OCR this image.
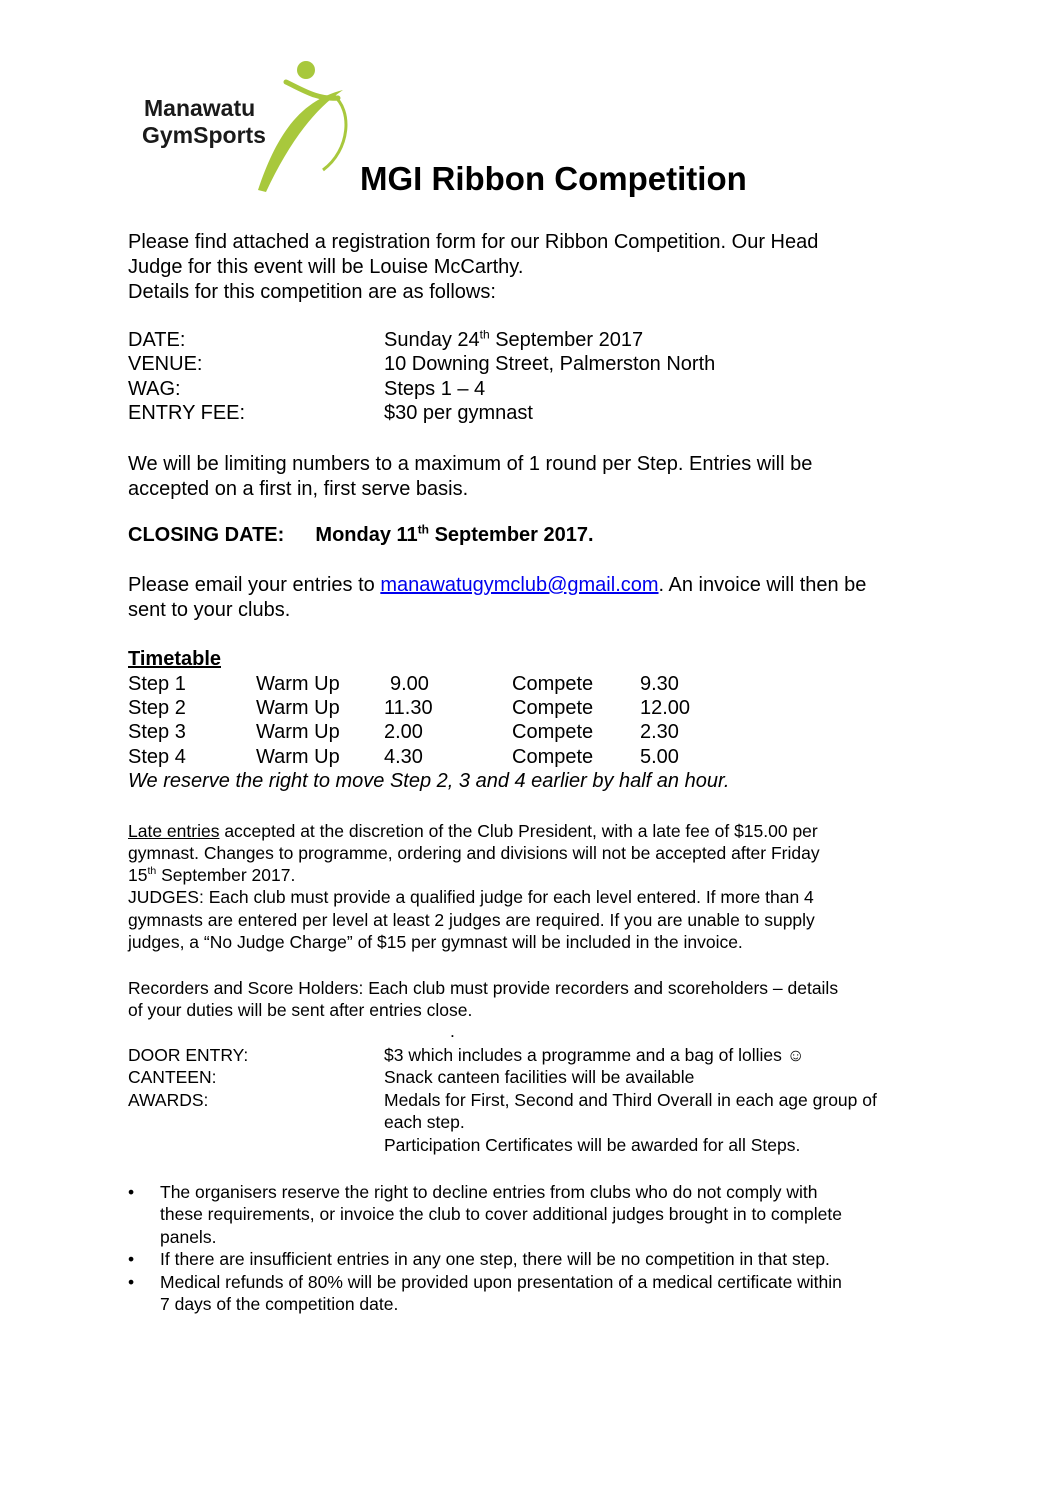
Manawatu
GymSports
MGI Ribbon Competition
Please find attached a registration form for our Ribbon Competition. Our Head
Judge for this event will be Louise McCarthy.
Details for this competition are as follows:
DATE:	Sunday 24th September 2017
VENUE:	10 Downing Street, Palmerston North
WAG:	Steps 1 – 4
ENTRY FEE:	$30 per gymnast
We will be limiting numbers to a maximum of 1 round per Step. Entries will be
accepted on a first in, first serve basis.
CLOSING DATE: Monday 11th September 2017.
Please email your entries to manawatugymclub@gmail.com. An invoice will then be
sent to your clubs.
Timetable
Step 1	Warm Up	9.00	Compete 9.30
Step 2	Warm Up 11.30	Compete 12.00
Step 3	Warm Up 2.00	Compete 2.30
Step 4	Warm Up 4.30	Compete 5.00
We reserve the right to move Step 2, 3 and 4 earlier by half an hour.
Late entries accepted at the discretion of the Club President, with a late fee of $15.00 per
gymnast. Changes to programme, ordering and divisions will not be accepted after Friday
15th September 2017.
JUDGES: Each club must provide a qualified judge for each level entered. If more than 4
gymnasts are entered per level at least 2 judges are required. If you are unable to supply
judges, a “No Judge Charge” of $15 per gymnast will be included in the invoice.
Recorders and Score Holders: Each club must provide recorders and scoreholders – details
of your duties will be sent after entries close.
.
DOOR ENTRY:	$3 which includes a programme and a bag of lollies ☺
CANTEEN:	Snack canteen facilities will be available
AWARDS:	Medals for First, Second and Third Overall in each age group of
each step.
Participation Certificates will be awarded for all Steps.
• The organisers reserve the right to decline entries from clubs who do not comply with
these requirements, or invoice the club to cover additional judges brought in to complete
panels.
• If there are insufficient entries in any one step, there will be no competition in that step.
• Medical refunds of 80% will be provided upon presentation of a medical certificate within
7 days of the competition date.
